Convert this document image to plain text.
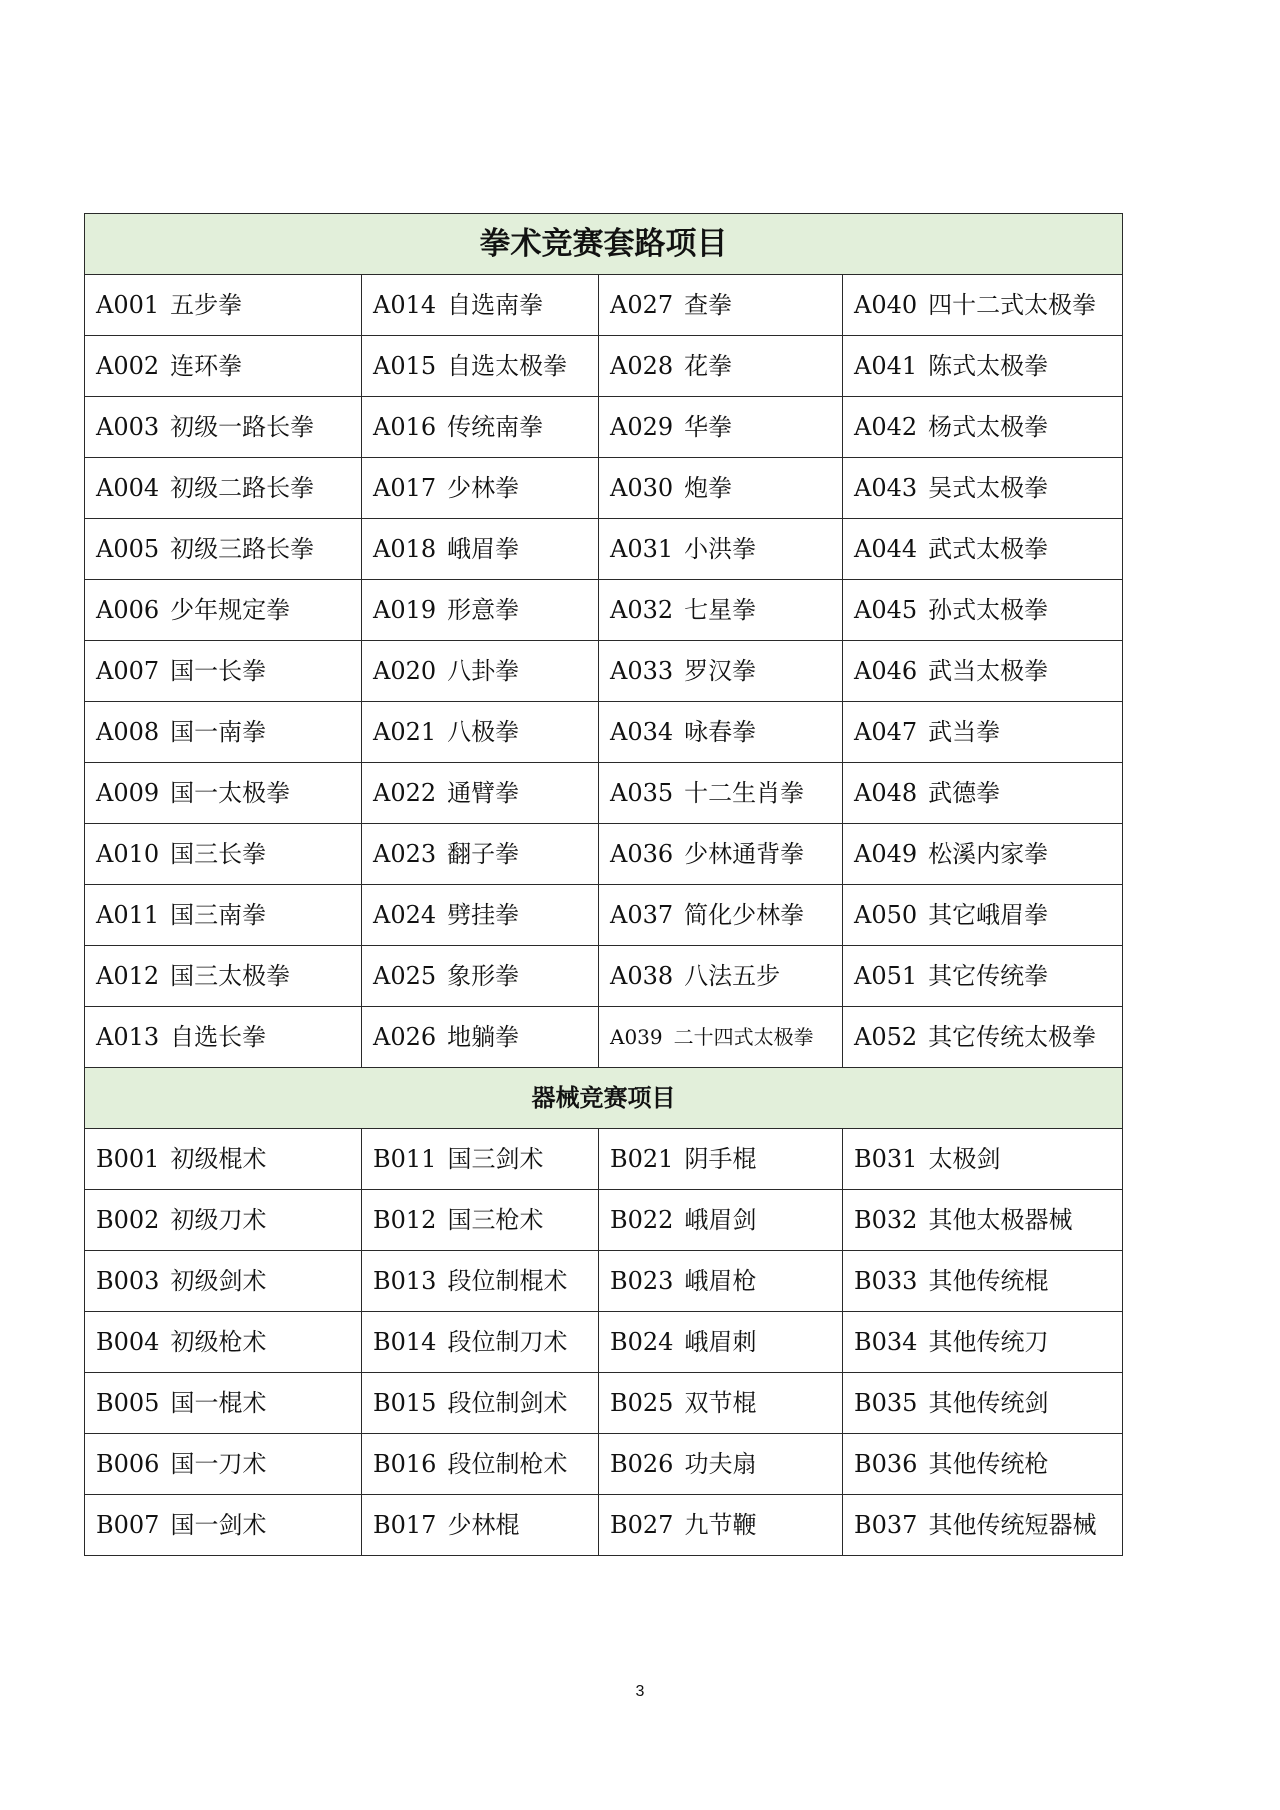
拳术竞赛套路项目			
A001 五步拳	A014 自选南拳	A027 查拳	A040 四十二式太极拳
A002 连环拳	A015 自选太极拳	A028 花拳	A041 陈式太极拳
A003 初级一路长拳	A016 传统南拳	A029 华拳	A042 杨式太极拳
A004 初级二路长拳	A017 少林拳	A030 炮拳	A043 吴式太极拳
A005 初级三路长拳	A018 峨眉拳	A031 小洪拳	A044 武式太极拳
A006 少年规定拳	A019 形意拳	A032 七星拳	A045 孙式太极拳
A007 国一长拳	A020 八卦拳	A033 罗汉拳	A046 武当太极拳
A008 国一南拳	A021 八极拳	A034 咏春拳	A047 武当拳
A009 国一太极拳	A022 通臂拳	A035 十二生肖拳	A048 武德拳
A010 国三长拳	A023 翻子拳	A036 少林通背拳	A049 松溪内家拳
A011 国三南拳	A024 劈挂拳	A037 简化少林拳	A050 其它峨眉拳
A012 国三太极拳	A025 象形拳	A038 八法五步	A051 其它传统拳
A013 自选长拳	A026 地躺拳	A039 二十四式太极拳	A052 其它传统太极拳
器械竞赛项目			
B001 初级棍术	B011 国三剑术	B021 阴手棍	B031 太极剑
B002 初级刀术	B012 国三枪术	B022 峨眉剑	B032 其他太极器械
B003 初级剑术	B013 段位制棍术	B023 峨眉枪	B033 其他传统棍
B004 初级枪术	B014 段位制刀术	B024 峨眉刺	B034 其他传统刀
B005 国一棍术	B015 段位制剑术	B025 双节棍	B035 其他传统剑
B006 国一刀术	B016 段位制枪术	B026 功夫扇	B036 其他传统枪
B007 国一剑术	B017 少林棍	B027 九节鞭	B037 其他传统短器械
3
